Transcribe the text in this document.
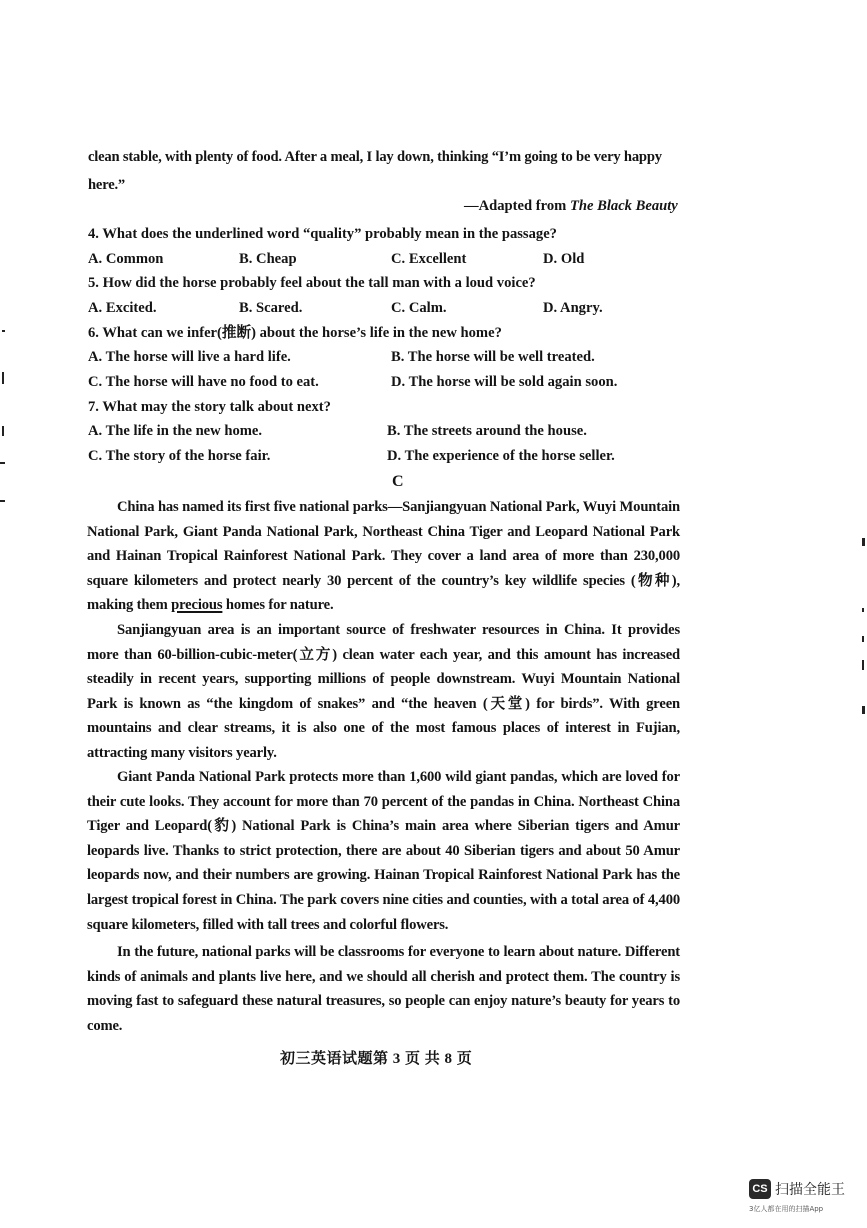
clean stable, with plenty of food. After a meal, I lay down, thinking “I’m going to be very happy
here.”
—Adapted from The Black Beauty
4. What does the underlined word “quality” probably mean in the passage?
A. Common	B. Cheap	C. Excellent	D. Old
5. How did the horse probably feel about the tall man with a loud voice?
A. Excited.	B. Scared.	C. Calm.	D. Angry.
6. What can we infer(推断) about the horse’s life in the new home?
A. The horse will live a hard life.	B. The horse will be well treated.
C. The horse will have no food to eat.	D. The horse will be sold again soon.
7. What may the story talk about next?
A. The life in the new home.	B. The streets around the house.
C. The story of the horse fair.	D. The experience of the horse seller.
C
China has named its first five national parks—Sanjiangyuan National Park, Wuyi Mountain National Park, Giant Panda National Park, Northeast China Tiger and Leopard National Park and Hainan Tropical Rainforest National Park. They cover a land area of more than 230,000 square kilometers and protect nearly 30 percent of the country’s key wildlife species (物种), making them precious homes for nature.
Sanjiangyuan area is an important source of freshwater resources in China. It provides more than 60-billion-cubic-meter(立方) clean water each year, and this amount has increased steadily in recent years, supporting millions of people downstream. Wuyi Mountain National Park is known as “the kingdom of snakes” and “the heaven (天堂) for birds”. With green mountains and clear streams, it is also one of the most famous places of interest in Fujian, attracting many visitors yearly.
Giant Panda National Park protects more than 1,600 wild giant pandas, which are loved for their cute looks. They account for more than 70 percent of the pandas in China. Northeast China Tiger and Leopard(豹) National Park is China’s main area where Siberian tigers and Amur leopards live. Thanks to strict protection, there are about 40 Siberian tigers and about 50 Amur leopards now, and their numbers are growing. Hainan Tropical Rainforest National Park has the largest tropical forest in China. The park covers nine cities and counties, with a total area of 4,400 square kilometers, filled with tall trees and colorful flowers.
In the future, national parks will be classrooms for everyone to learn about nature. Different kinds of animals and plants live here, and we should all cherish and protect them. The country is moving fast to safeguard these natural treasures, so people can enjoy nature’s beauty for years to come.
初三英语试题第 3 页 共 8 页
CS 扫描全能王
3亿人都在用的扫描App
